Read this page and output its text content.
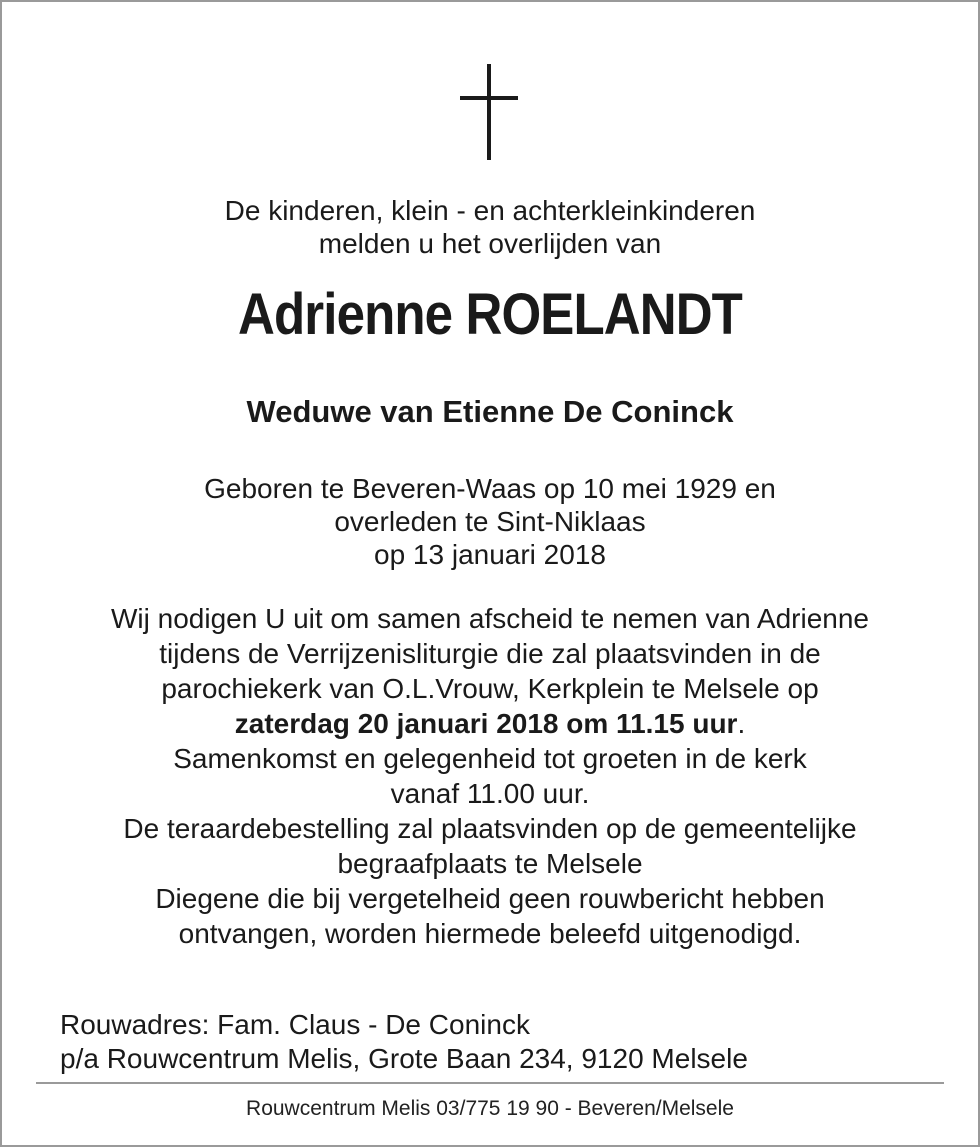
De kinderen, klein - en achterkleinkinderen
melden u het overlijden van
Adrienne ROELANDT
Weduwe van Etienne De Coninck
Geboren te Beveren-Waas op 10 mei 1929 en
overleden te Sint-Niklaas
op 13 januari 2018
Wij nodigen U uit om samen afscheid te nemen van Adrienne
tijdens de Verrijzenisliturgie die zal plaatsvinden in de
parochiekerk van O.L.Vrouw, Kerkplein te Melsele op
zaterdag 20 januari 2018 om 11.15 uur.
Samenkomst en gelegenheid tot groeten in de kerk
vanaf 11.00 uur.
De teraardebestelling zal plaatsvinden op de gemeentelijke
begraafplaats te Melsele
Diegene die bij vergetelheid geen rouwbericht hebben
ontvangen, worden hiermede beleefd uitgenodigd.
Rouwadres: Fam. Claus - De Coninck
p/a Rouwcentrum Melis, Grote Baan 234, 9120 Melsele
Rouwcentrum Melis 03/775 19 90 - Beveren/Melsele
